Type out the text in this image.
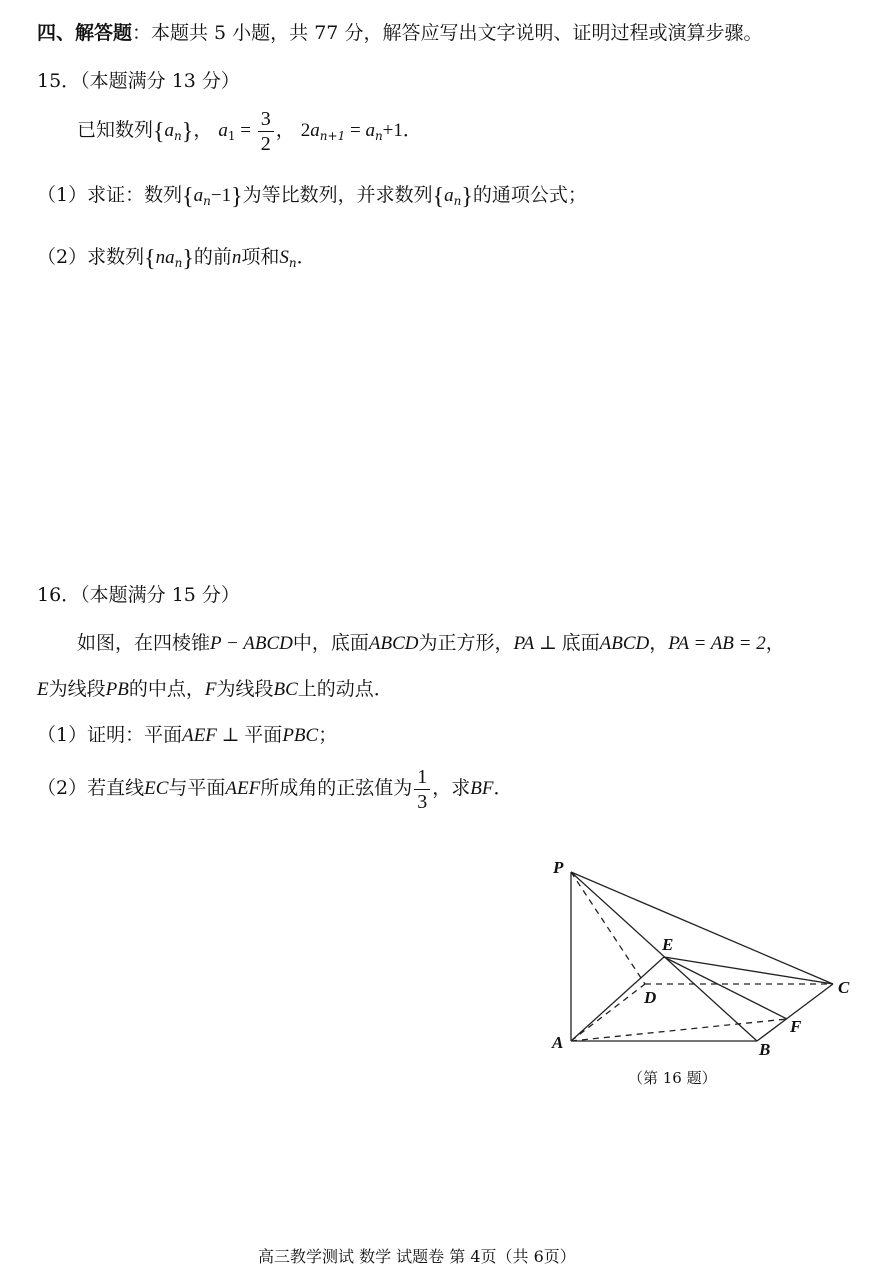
四、解答题：本题共 5 小题，共 77 分，解答应写出文字说明、证明过程或演算步骤。
15．（本题满分 13 分）
已知数列$\{a_n\}$， $a_1 = \frac{3}{2}$ ， $2a_{n+1} = a_n+1$．
（1）求证：数列$\{a_n-1\}$为等比数列，并求数列$\{a_n\}$的通项公式；
（2）求数列$\{na_n\}$的前n项和$S_n$．
16．（本题满分 15 分）
如图，在四棱锥P − ABCD中，底面ABCD为正方形，PA ⊥ 底面ABCD，PA = AB = 2，
E为线段PB的中点，F为线段BC上的动点．
（1）证明：平面AEF ⊥ 平面PBC；
（2）若直线EC与平面AEF所成角的正弦值为 $\frac{1}{3}$ ，求BF．
P
E
D
C
F
A	B
（第 16 题）
高三教学测试 数学 试题卷 第 4页（共 6页）
